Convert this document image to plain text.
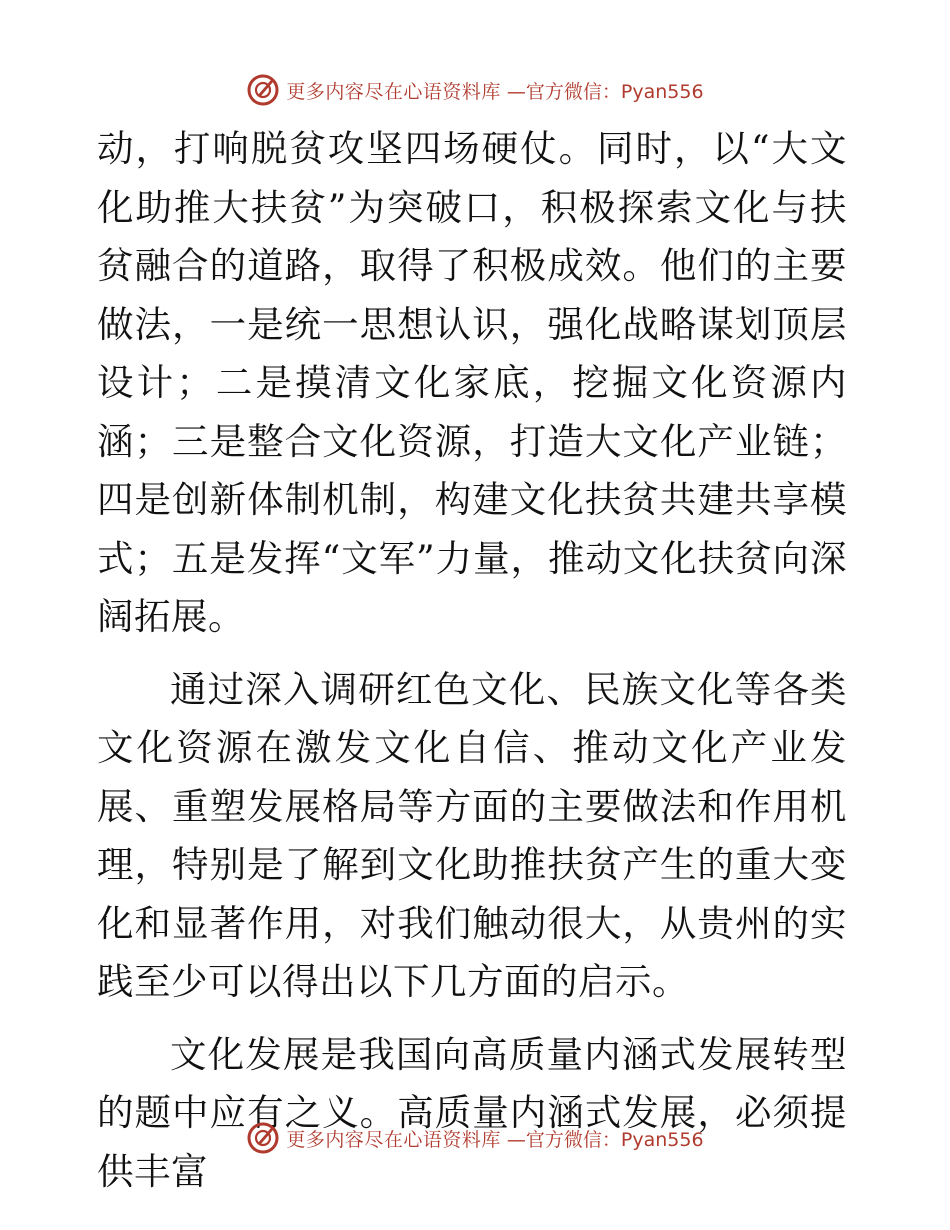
更多内容尽在心语资料库 —官方微信：Pyan556

动，打响脱贫攻坚四场硬仗。同时，以“大文化助推大扶贫”为突破口，积极探索文化与扶贫融合的道路，取得了积极成效。他们的主要做法，一是统一思想认识，强化战略谋划顶层设计；二是摸清文化家底，挖掘文化资源内涵；三是整合文化资源，打造大文化产业链；四是创新体制机制，构建文化扶贫共建共享模式；五是发挥“文军”力量，推动文化扶贫向深阔拓展。

通过深入调研红色文化、民族文化等各类文化资源在激发文化自信、推动文化产业发展、重塑发展格局等方面的主要做法和作用机理，特别是了解到文化助推扶贫产生的重大变化和显著作用，对我们触动很大，从贵州的实践至少可以得出以下几方面的启示。

文化发展是我国向高质量内涵式发展转型的题中应有之义。高质量内涵式发展，必须提供丰富

更多内容尽在心语资料库 —官方微信：Pyan556
